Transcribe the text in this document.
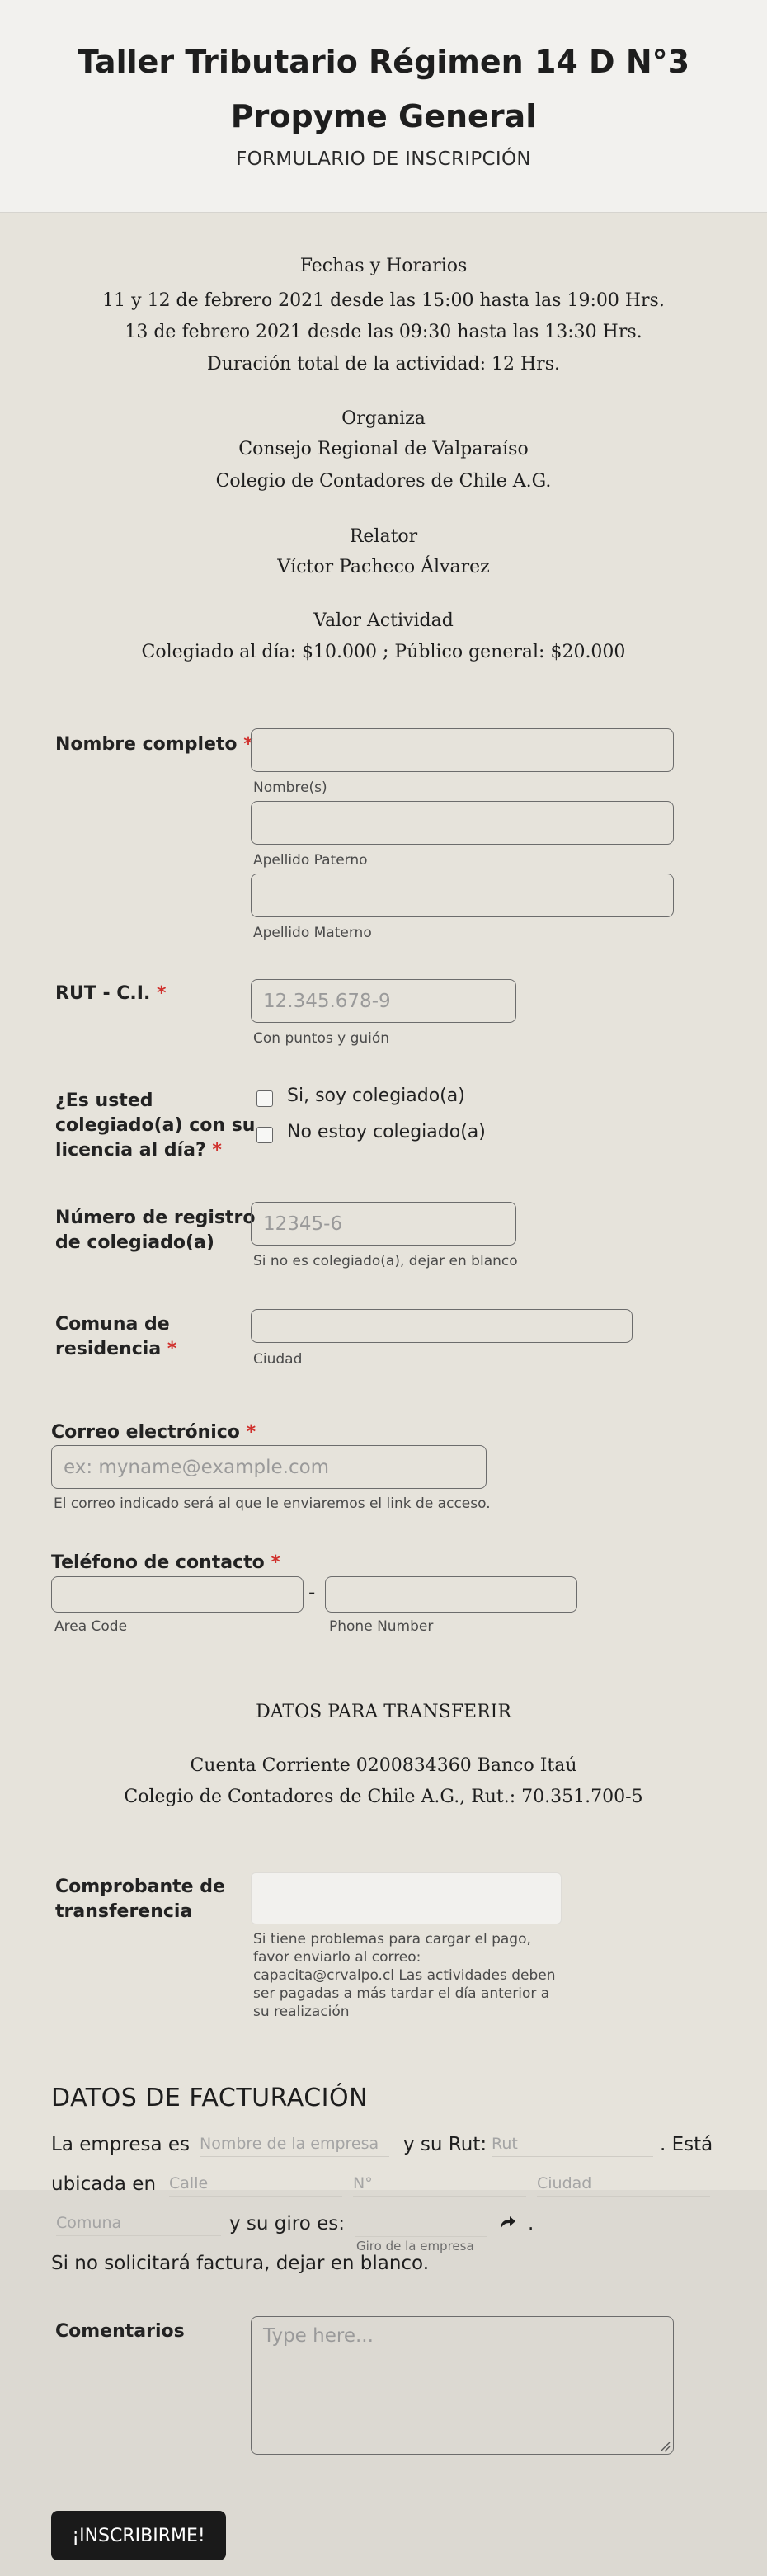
Taller Tributario Régimen 14 D N°3
Propyme General
FORMULARIO DE INSCRIPCIÓN
Fechas y Horarios
11 y 12 de febrero 2021 desde las 15:00 hasta las 19:00 Hrs.
13 de febrero 2021 desde las 09:30 hasta las 13:30 Hrs.
Duración total de la actividad: 12 Hrs.
Organiza
Consejo Regional de Valparaíso
Colegio de Contadores de Chile A.G.
Relator
Víctor Pacheco Álvarez
Valor Actividad
Colegiado al día: $10.000 ; Público general: $20.000
Nombre completo *
Nombre(s)
Apellido Paterno
Apellido Materno
RUT - C.I. *	12.345.678-9
Con puntos y guión
¿Es usted
colegiado(a) con su
licencia al día? *
Si, soy colegiado(a)
No estoy colegiado(a)
Número de registro
de colegiado(a)
12345-6
Si no es colegiado(a), dejar en blanco
Comuna de
residencia *	Ciudad
Correo electrónico *
ex: myname@example.com
El correo indicado será al que le enviaremos el link de acceso.
Teléfono de contacto *
-
Area Code	Phone Number
DATOS PARA TRANSFERIR
Cuenta Corriente 0200834360 Banco Itaú
Colegio de Contadores de Chile A.G., Rut.: 70.351.700-5
Comprobante de
transferencia
Si tiene problemas para cargar el pago,
favor enviarlo al correo:
capacita@crvalpo.cl Las actividades deben
ser pagadas a más tardar el día anterior a
su realización
DATOS DE FACTURACIÓN
La empresa es Nombre de la empresa	y su Rut: Rut	. Está
ubicada en Calle	N°	Ciudad
Comuna	y su giro es:
Giro de la empresa
.
Si no solicitará factura, dejar en blanco.
Comentarios	Type here...
¡INSCRIBIRME!
